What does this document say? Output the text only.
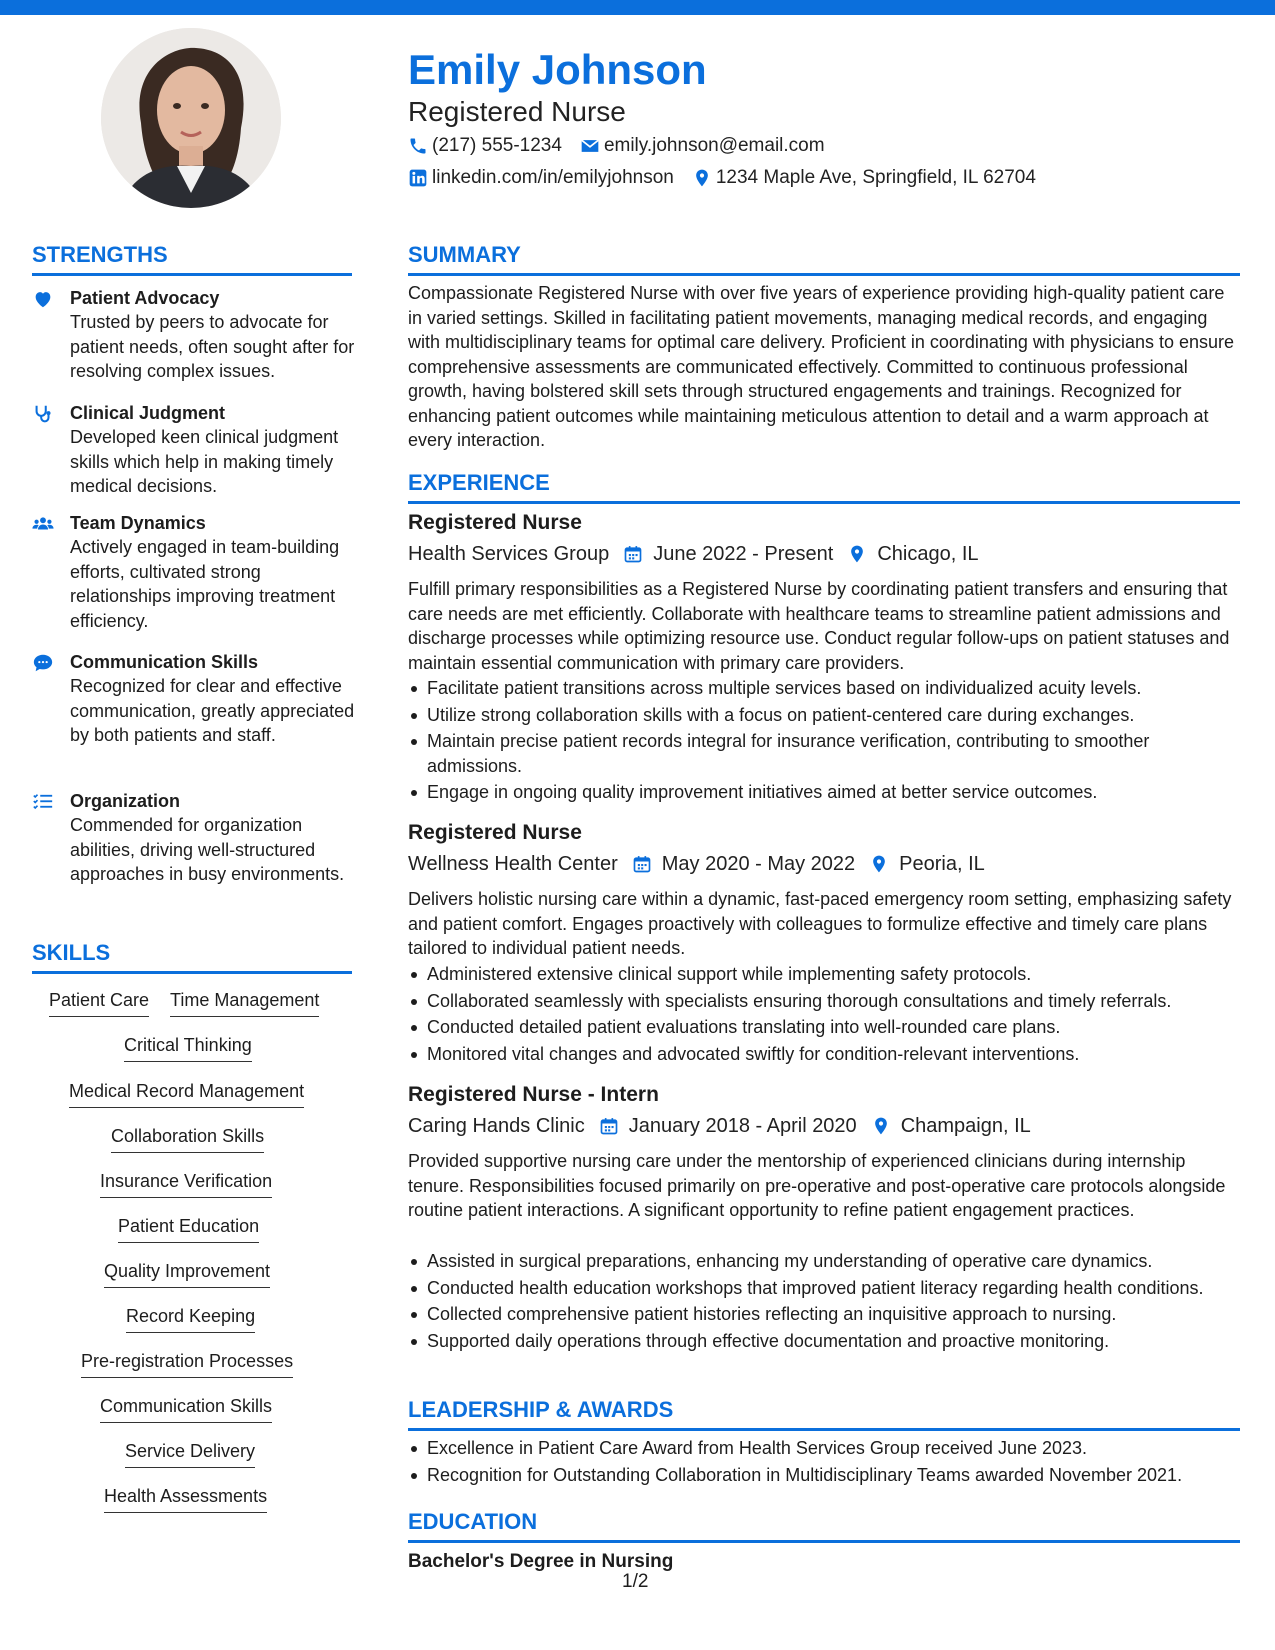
Emily Johnson

Registered Nurse

(217) 555-1234 emily.johnson@email.com
linkedin.com/in/emilyjohnson 1234 Maple Ave, Springfield, IL 62704
STRENGTHS

Patient Advocacy

Trusted by peers to advocate for patient needs, often sought after for resolving complex issues.

Clinical Judgment

Developed keen clinical judgment skills which help in making timely medical decisions.

Team Dynamics

Actively engaged in team-building efforts, cultivated strong relationships improving treatment efficiency.

Communication Skills

Recognized for clear and effective communication, greatly appreciated by both patients and staff.

Organization

Commended for organization abilities, driving well-structured approaches in busy environments.

SKILLS
Patient Care Time Management
Critical Thinking
Medical Record Management
Collaboration Skills
Insurance Verification
Patient Education
Quality Improvement
Record Keeping
Pre-registration Processes
Communication Skills
Service Delivery
Health Assessments
SUMMARY

Compassionate Registered Nurse with over five years of experience providing high-quality patient care in varied settings. Skilled in facilitating patient movements, managing medical records, and engaging with multidisciplinary teams for optimal care delivery. Proficient in coordinating with physicians to ensure comprehensive assessments are communicated effectively. Committed to continuous professional growth, having bolstered skill sets through structured engagements and trainings. Recognized for enhancing patient outcomes while maintaining meticulous attention to detail and a warm approach at every interaction.

EXPERIENCE

Registered Nurse

Health Services Group June 2022 - Present Chicago, IL

Fulfill primary responsibilities as a Registered Nurse by coordinating patient transfers and ensuring that care needs are met efficiently. Collaborate with healthcare teams to streamline patient admissions and discharge processes while optimizing resource use. Conduct regular follow-ups on patient statuses and maintain essential communication with primary care providers.

Facilitate patient transitions across multiple services based on individualized acuity levels.
Utilize strong collaboration skills with a focus on patient-centered care during exchanges.
Maintain precise patient records integral for insurance verification, contributing to smoother admissions.
Engage in ongoing quality improvement initiatives aimed at better service outcomes.

Registered Nurse

Wellness Health Center May 2020 - May 2022 Peoria, IL

Delivers holistic nursing care within a dynamic, fast-paced emergency room setting, emphasizing safety and patient comfort. Engages proactively with colleagues to formulize effective and timely care plans tailored to individual patient needs.

Administered extensive clinical support while implementing safety protocols.
Collaborated seamlessly with specialists ensuring thorough consultations and timely referrals.
Conducted detailed patient evaluations translating into well-rounded care plans.
Monitored vital changes and advocated swiftly for condition-relevant interventions.

Registered Nurse - Intern

Caring Hands Clinic January 2018 - April 2020 Champaign, IL

Provided supportive nursing care under the mentorship of experienced clinicians during internship tenure. Responsibilities focused primarily on pre-operative and post-operative care protocols alongside routine patient interactions. A significant opportunity to refine patient engagement practices.

Assisted in surgical preparations, enhancing my understanding of operative care dynamics.
Conducted health education workshops that improved patient literacy regarding health conditions.
Collected comprehensive patient histories reflecting an inquisitive approach to nursing.
Supported daily operations through effective documentation and proactive monitoring.
LEADERSHIP & AWARDS
Excellence in Patient Care Award from Health Services Group received June 2023.
Recognition for Outstanding Collaboration in Multidisciplinary Teams awarded November 2021.
EDUCATION

Bachelor's Degree in Nursing

1/2
